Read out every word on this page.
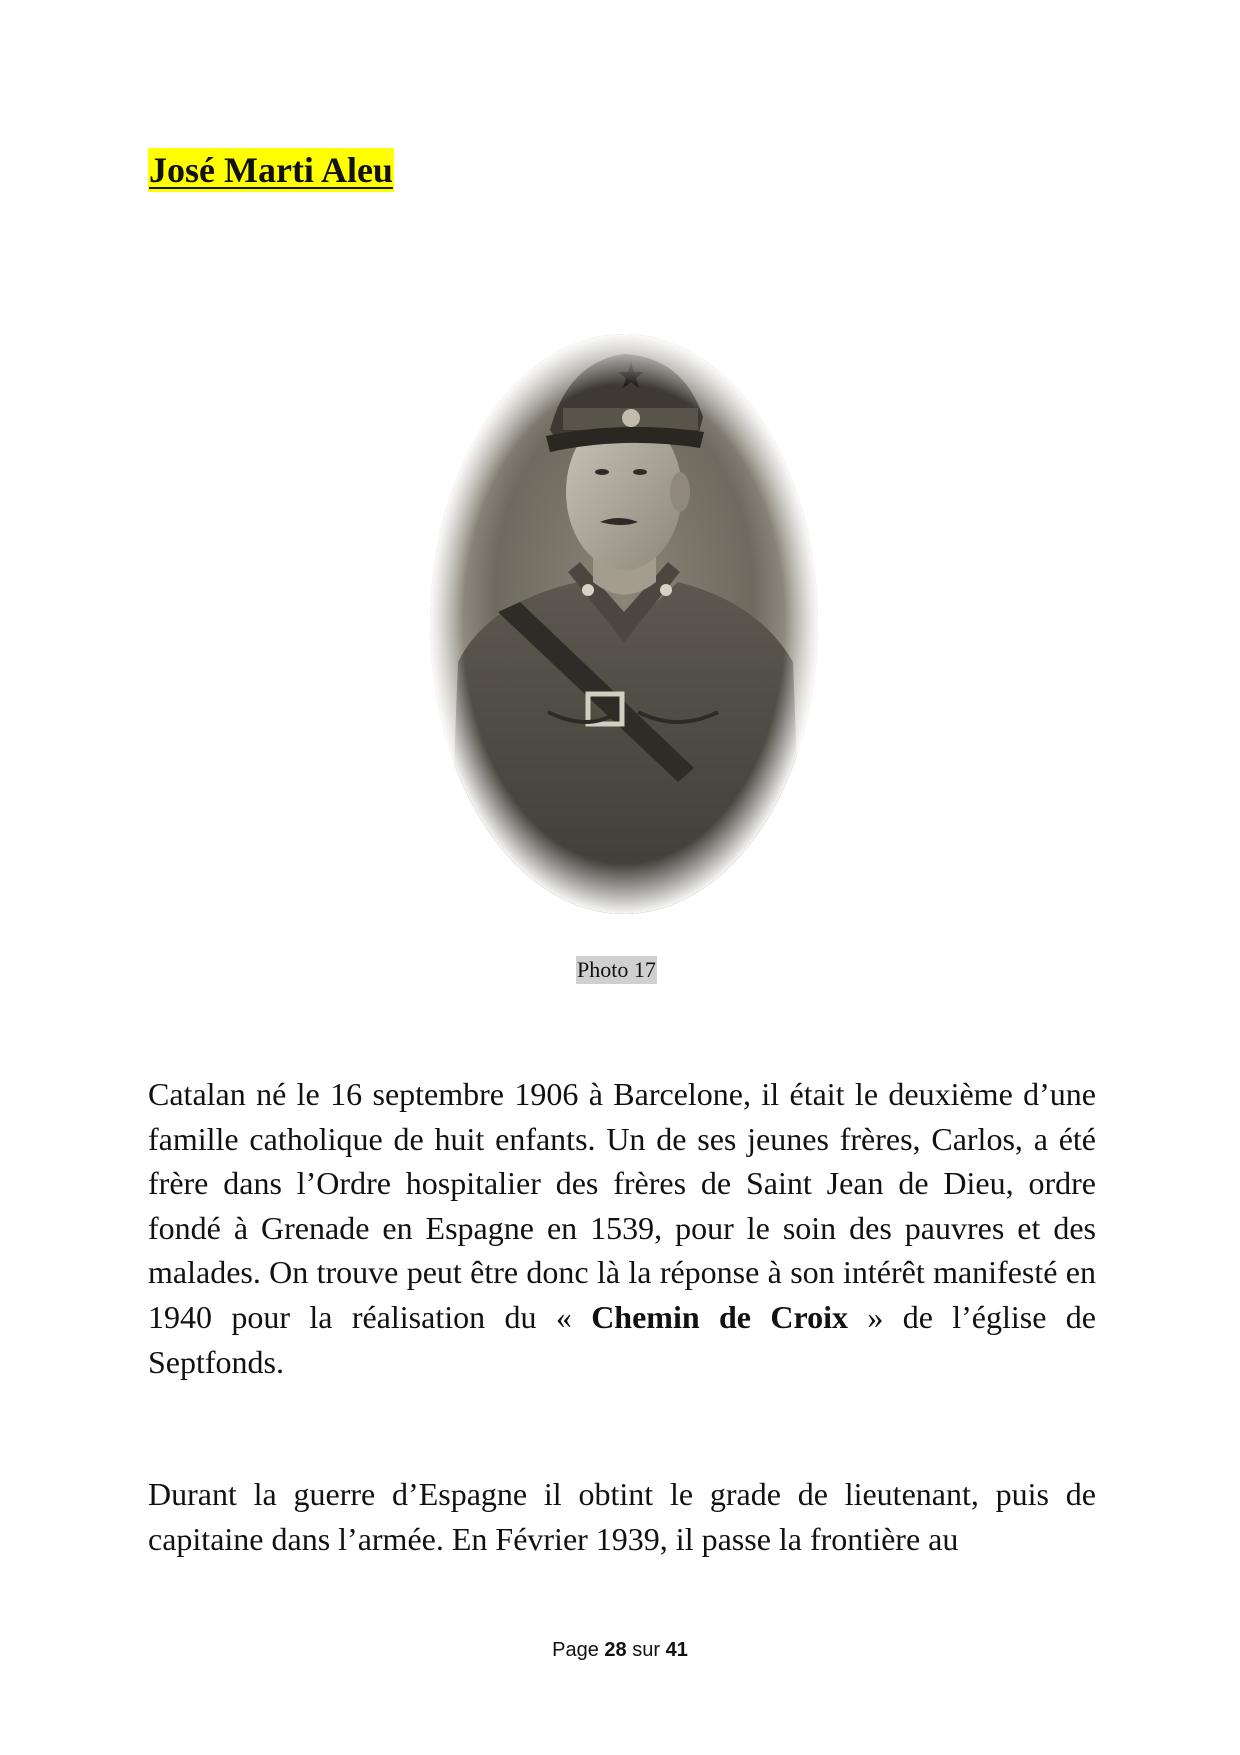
José Marti Aleu
Photo 17

Catalan né le 16 septembre 1906 à Barcelone, il était le deuxième d’une famille catholique de huit enfants. Un de ses jeunes frères, Carlos, a été frère dans l’Ordre hospitalier des frères de Saint Jean de Dieu, ordre fondé à Grenade en Espagne en 1539, pour le soin des pauvres et des malades. On trouve peut être donc là la réponse à son intérêt manifesté en 1940 pour la réalisation du « Chemin de Croix » de l’église de Septfonds.

Durant la guerre d’Espagne il obtint le grade de lieutenant, puis de capitaine dans l’armée. En Février 1939, il passe la frontière au

Page 28 sur 41
